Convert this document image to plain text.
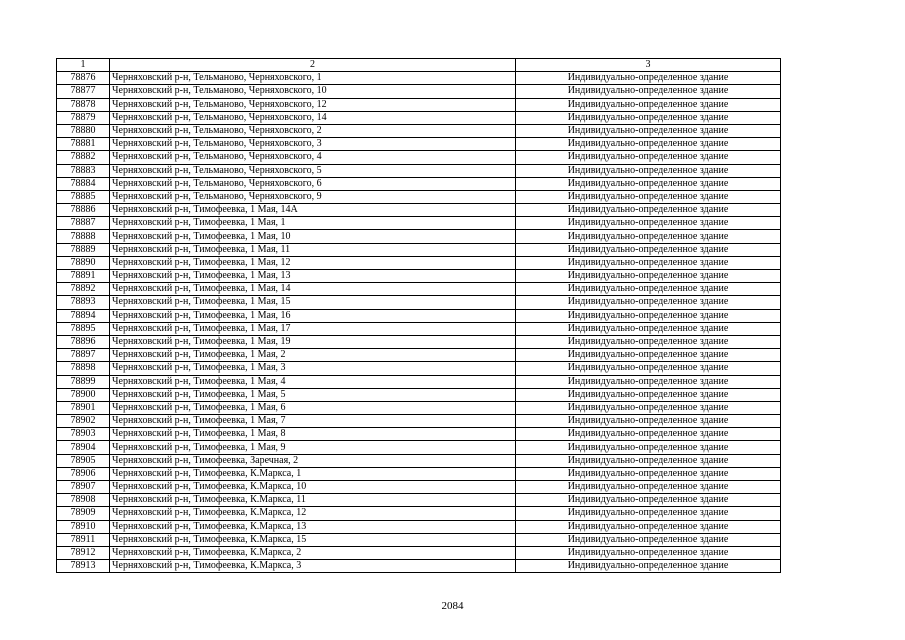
1	2	3
78876	Черняховский р-н, Тельманово, Черняховского, 1	Индивидуально-определенное здание
78877	Черняховский р-н, Тельманово, Черняховского, 10	Индивидуально-определенное здание
78878	Черняховский р-н, Тельманово, Черняховского, 12	Индивидуально-определенное здание
78879	Черняховский р-н, Тельманово, Черняховского, 14	Индивидуально-определенное здание
78880	Черняховский р-н, Тельманово, Черняховского, 2	Индивидуально-определенное здание
78881	Черняховский р-н, Тельманово, Черняховского, 3	Индивидуально-определенное здание
78882	Черняховский р-н, Тельманово, Черняховского, 4	Индивидуально-определенное здание
78883	Черняховский р-н, Тельманово, Черняховского, 5	Индивидуально-определенное здание
78884	Черняховский р-н, Тельманово, Черняховского, 6	Индивидуально-определенное здание
78885	Черняховский р-н, Тельманово, Черняховского, 9	Индивидуально-определенное здание
78886	Черняховский р-н, Тимофеевка, 1 Мая, 14А	Индивидуально-определенное здание
78887	Черняховский р-н, Тимофеевка, 1 Мая, 1	Индивидуально-определенное здание
78888	Черняховский р-н, Тимофеевка, 1 Мая, 10	Индивидуально-определенное здание
78889	Черняховский р-н, Тимофеевка, 1 Мая, 11	Индивидуально-определенное здание
78890	Черняховский р-н, Тимофеевка, 1 Мая, 12	Индивидуально-определенное здание
78891	Черняховский р-н, Тимофеевка, 1 Мая, 13	Индивидуально-определенное здание
78892	Черняховский р-н, Тимофеевка, 1 Мая, 14	Индивидуально-определенное здание
78893	Черняховский р-н, Тимофеевка, 1 Мая, 15	Индивидуально-определенное здание
78894	Черняховский р-н, Тимофеевка, 1 Мая, 16	Индивидуально-определенное здание
78895	Черняховский р-н, Тимофеевка, 1 Мая, 17	Индивидуально-определенное здание
78896	Черняховский р-н, Тимофеевка, 1 Мая, 19	Индивидуально-определенное здание
78897	Черняховский р-н, Тимофеевка, 1 Мая, 2	Индивидуально-определенное здание
78898	Черняховский р-н, Тимофеевка, 1 Мая, 3	Индивидуально-определенное здание
78899	Черняховский р-н, Тимофеевка, 1 Мая, 4	Индивидуально-определенное здание
78900	Черняховский р-н, Тимофеевка, 1 Мая, 5	Индивидуально-определенное здание
78901	Черняховский р-н, Тимофеевка, 1 Мая, 6	Индивидуально-определенное здание
78902	Черняховский р-н, Тимофеевка, 1 Мая, 7	Индивидуально-определенное здание
78903	Черняховский р-н, Тимофеевка, 1 Мая, 8	Индивидуально-определенное здание
78904	Черняховский р-н, Тимофеевка, 1 Мая, 9	Индивидуально-определенное здание
78905	Черняховский р-н, Тимофеевка, Заречная, 2	Индивидуально-определенное здание
78906	Черняховский р-н, Тимофеевка, К.Маркса, 1	Индивидуально-определенное здание
78907	Черняховский р-н, Тимофеевка, К.Маркса, 10	Индивидуально-определенное здание
78908	Черняховский р-н, Тимофеевка, К.Маркса, 11	Индивидуально-определенное здание
78909	Черняховский р-н, Тимофеевка, К.Маркса, 12	Индивидуально-определенное здание
78910	Черняховский р-н, Тимофеевка, К.Маркса, 13	Индивидуально-определенное здание
78911	Черняховский р-н, Тимофеевка, К.Маркса, 15	Индивидуально-определенное здание
78912	Черняховский р-н, Тимофеевка, К.Маркса, 2	Индивидуально-определенное здание
78913	Черняховский р-н, Тимофеевка, К.Маркса, 3	Индивидуально-определенное здание
2084
